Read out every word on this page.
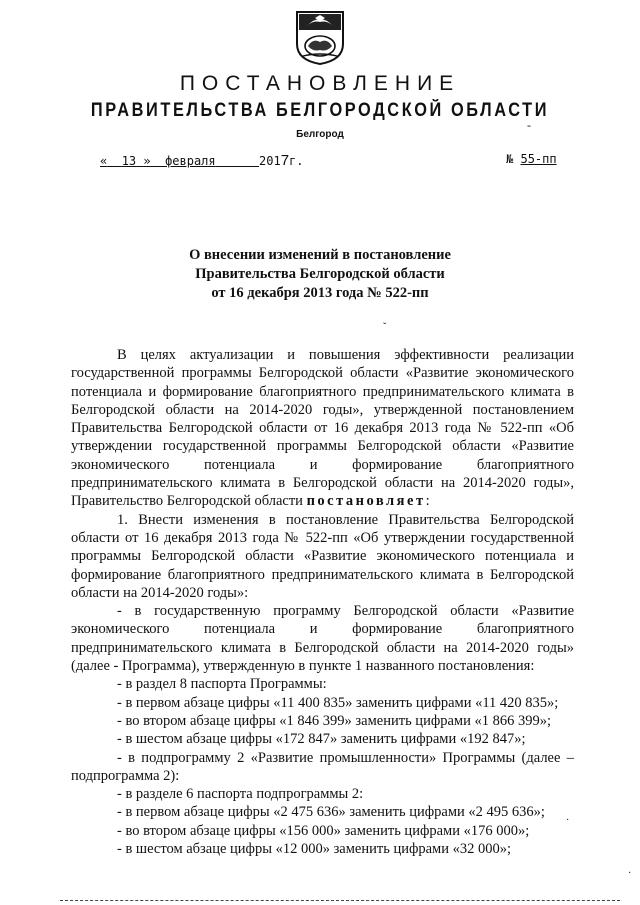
ПОСТАНОВЛЕНИЕ
ПРАВИТЕЛЬСТВА БЕЛГОРОДСКОЙ ОБЛАСТИ
Белгород
-
« 13 » февраля	2017г.	№ 55-пп
О внесении изменений в постановление
Правительства Белгородской области
от 16 декабря 2013 года № 522-пп
ˇ

В целях актуализации и повышения эффективности реализации государственной программы Белгородской области «Развитие экономического потенциала и формирование благоприятного предпринимательского климата в Белгородской области на 2014-2020 годы», утвержденной постановлением Правительства Белгородской области от 16 декабря 2013 года № 522-пп «Об утверждении государственной программы Белгородской области «Развитие экономического потенциала и формирование благоприятного предпринимательского климата в Белгородской области на 2014-2020 годы», Правительство Белгородской области постановляет:

1. Внести изменения в постановление Правительства Белгородской области от 16 декабря 2013 года № 522-пп «Об утверждении государственной программы Белгородской области «Развитие экономического потенциала и формирование благоприятного предпринимательского климата в Белгородской области на 2014-2020 годы»:

- в государственную программу Белгородской области «Развитие экономического потенциала и формирование благоприятного предпринимательского климата в Белгородской области на 2014-2020 годы» (далее - Программа), утвержденную в пункте 1 названного постановления:

- в раздел 8 паспорта Программы:

- в первом абзаце цифры «11 400 835» заменить цифрами «11 420 835»;

- во втором абзаце цифры «1 846 399» заменить цифрами «1 866 399»;

- в шестом абзаце цифры «172 847» заменить цифрами «192 847»;

- в подпрограмму 2 «Развитие промышленности» Программы (далее – подпрограмма 2):

- в разделе 6 паспорта подпрограммы 2:

- в первом абзаце цифры «2 475 636» заменить цифрами «2 495 636»;

- во втором абзаце цифры «156 000» заменить цифрами «176 000»;

- в шестом абзаце цифры «12 000» заменить цифрами «32 000»;

·
·
